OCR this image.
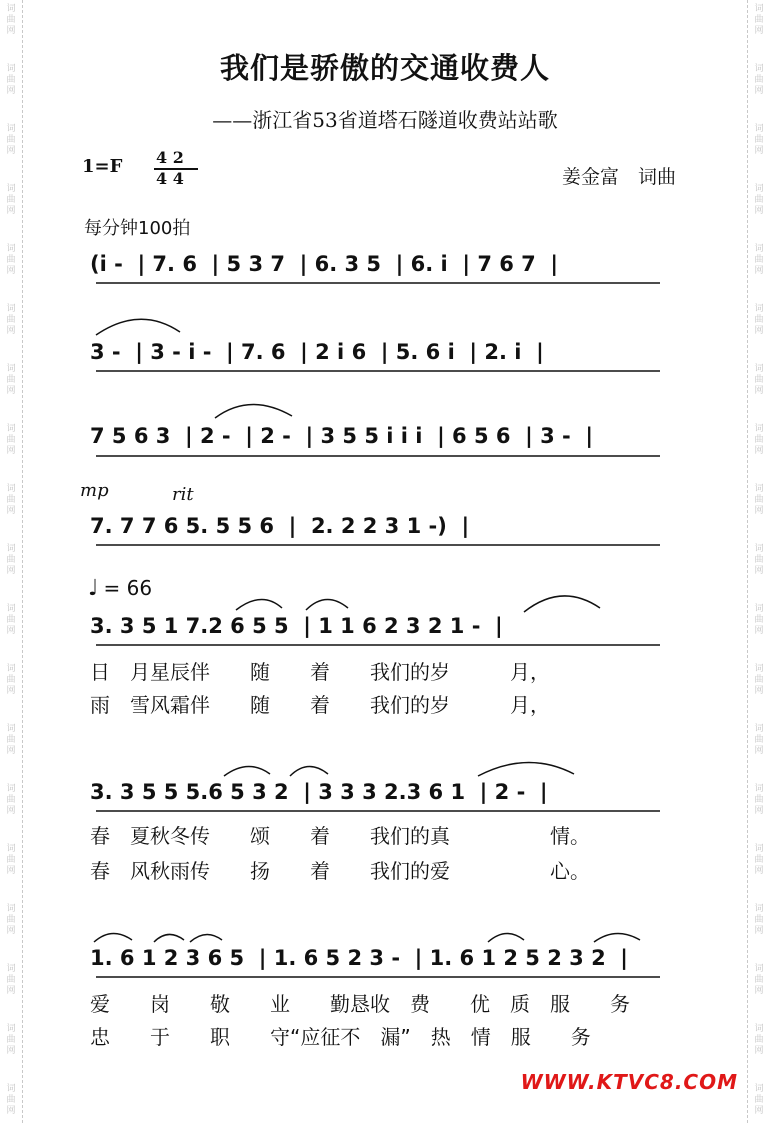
词
曲
网
词
曲
网
词
曲
网
词
曲
网
词
曲
网
词
曲
网
词
曲
网
词
曲
网
词
曲
网
词
曲
网
词
曲
网
词
曲
网
词
曲
网
词
曲
网
词
曲
网
词
曲
网
词
曲
网
词
曲
网
词
曲
网
词
曲
网
词
曲
网
词
曲
网
词
曲
网
词
曲
网
词
曲
网
词
曲
网
词
曲
网
词
曲
网
词
曲
网
词
曲
网
词
曲
网
词
曲
网
词
曲
网
词
曲
网
词
曲
网
词
曲
网
词
曲
网
词
曲
网
我们是骄傲的交通收费人
——浙江省53省道塔石隧道收费站站歌
1=F 4 2
4 4	姜金富　词曲
每分钟100拍
(i -  | 7. 6  | 5 3 7  | 6. 3 5  | 6. i  | 7 6 7  |
3 -  | 3 - i -  | 7. 6  | 2 i 6  | 5. 6 i  | 2. i  |
7 5 6 3  | 2 -  | 2 -  | 3 5 5 i i i  | 6 5 6  | 3 -  |
mp	rit
7. 7 7 6 5. 5 5 6  |  2. 2 2 3 1 -)  |
♩ = 66
3. 3 5 1 7.2 6 5 5  | 1 1 6 2 3 2 1 -  |
日　月星辰伴　　随　　着　　我们的岁　　　月，
雨　雪风霜伴　　随　　着　　我们的岁　　　月，
3. 3 5 5 5.6 5 3 2  | 3 3 3 2.3 6 1  | 2 -  |
春　夏秋冬传　　颂　　着　　我们的真　　　　　情。
春　风秋雨传　　扬　　着　　我们的爱　　　　　心。
1. 6 1 2 3 6 5  | 1. 6 5 2 3 -  | 1. 6 1 2 5 2 3 2  |
爱　　岗　　敬　　业　　勤恳收　费　　优　质　服　　务
忠　　于　　职　　守“应征不　漏”　热　情　服　　务
WWW.KTVC8.COM
